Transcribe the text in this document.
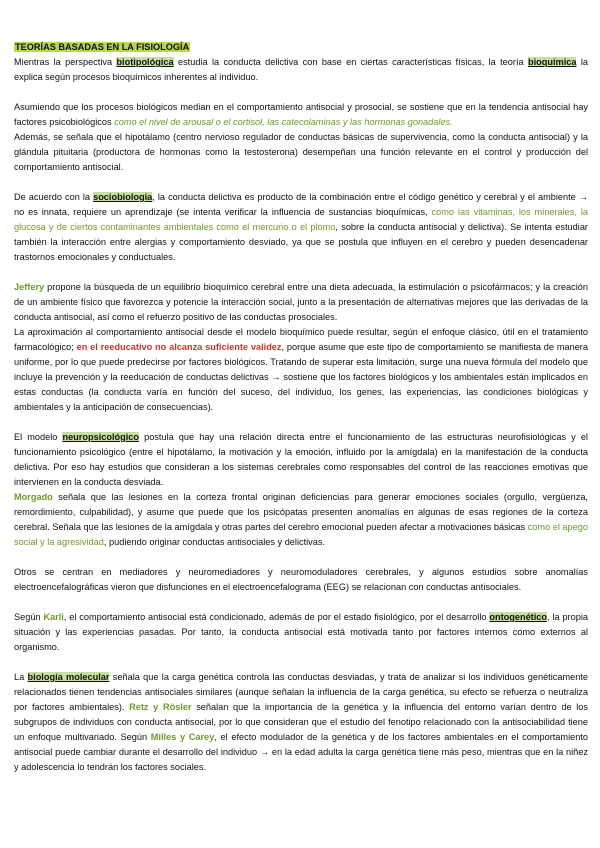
TEORÍAS BASADAS EN LA FISIOLOGÍA

Mientras la perspectiva biotipológica estudia la conducta delictiva con base en ciertas características físicas, la teoría bioquímica la explica según procesos bioquímicos inherentes al individuo.

Asumiendo que los procesos biológicos median en el comportamiento antisocial y prosocial, se sostiene que en la tendencia antisocial hay factores psicobiológicos como el nivel de arousal o el cortisol, las catecolaminas y las hormonas gonadales.

Además, se señala que el hipotálamo (centro nervioso regulador de conductas básicas de supervivencia, como la conducta antisocial) y la glándula pituitaria (productora de hormonas como la testosterona) desempeñan una función relevante en el control y producción del comportamiento antisocial.

De acuerdo con la sociobiología, la conducta delictiva es producto de la combinación entre el código genético y cerebral y el ambiente → no es innata, requiere un aprendizaje (se intenta verificar la influencia de sustancias bioquímicas, como las vitaminas, los minerales, la glucosa y de ciertos contaminantes ambientales como el mercurio o el plomo, sobre la conducta antisocial y delictiva). Se intenta estudiar también la interacción entre alergias y comportamiento desviado, ya que se postula que influyen en el cerebro y pueden desencadenar trastornos emocionales y conductuales.

Jeffery propone la búsqueda de un equilibrio bioquímico cerebral entre una dieta adecuada, la estimulación o psicofármacos; y la creación de un ambiente físico que favorezca y potencie la interacción social, junto a la presentación de alternativas mejores que las derivadas de la conducta antisocial, así como el refuerzo positivo de las conductas prosociales.

La aproximación al comportamiento antisocial desde el modelo bioquímico puede resultar, según el enfoque clásico, útil en el tratamiento farmacológico; en el reeducativo no alcanza suficiente validez, porque asume que este tipo de comportamiento se manifiesta de manera uniforme, por lo que puede predecirse por factores biológicos. Tratando de superar esta limitación, surge una nueva fórmula del modelo que incluye la prevención y la reeducación de conductas delictivas → sostiene que los factores biológicos y los ambientales están implicados en estas conductas (la conducta varía en función del suceso, del individuo, los genes, las experiencias, las condiciones biológicas y ambientales y la anticipación de consecuencias).

El modelo neuropsicológico postula que hay una relación directa entre el funcionamiento de las estructuras neurofisiológicas y el funcionamiento psicológico (entre el hipotálamo, la motivación y la emoción, influido por la amígdala) en la manifestación de la conducta delictiva. Por eso hay estudios que consideran a los sistemas cerebrales como responsables del control de las reacciones emotivas que intervienen en la conducta desviada.

Morgado señala que las lesiones en la corteza frontal originan deficiencias para generar emociones sociales (orgullo, vergüenza, remordimiento, culpabilidad), y asume que puede que los psicópatas presenten anomalías en algunas de esas regiones de la corteza cerebral. Señala que las lesiones de la amígdala y otras partes del cerebro emocional pueden afectar a motivaciones básicas como el apego social y la agresividad, pudiendo originar conductas antisociales y delictivas.

Otros se centran en mediadores y neuromediadores y neuromoduladores cerebrales, y algunos estudios sobre anomalías electroencefalográficas vieron que disfunciones en el electroencefalograma (EEG) se relacionan con conductas antisociales.

Según Karli, el comportamiento antisocial está condicionado, además de por el estado fisiológico, por el desarrollo ontogenético, la propia situación y las experiencias pasadas. Por tanto, la conducta antisocial está motivada tanto por factores internos como externos al organismo.

La biología molecular señala que la carga genética controla las conductas desviadas, y trata de analizar si los individuos genéticamente relacionados tienen tendencias antisociales similares (aunque señalan la influencia de la carga genética, su efecto se refuerza o neutraliza por factores ambientales). Retz y Rösler señalan que la importancia de la genética y la influencia del entorno varían dentro de los subgrupos de individuos con conducta antisocial, por lo que consideran que el estudio del fenotipo relacionado con la antisociabilidad tiene un enfoque multivariado. Según Milles y Carey, el efecto modulador de la genética y de los factores ambientales en el comportamiento antisocial puede cambiar durante el desarrollo del individuo → en la edad adulta la carga genética tiene más peso, mientras que en la niñez y adolescencia lo tendrán los factores sociales.
